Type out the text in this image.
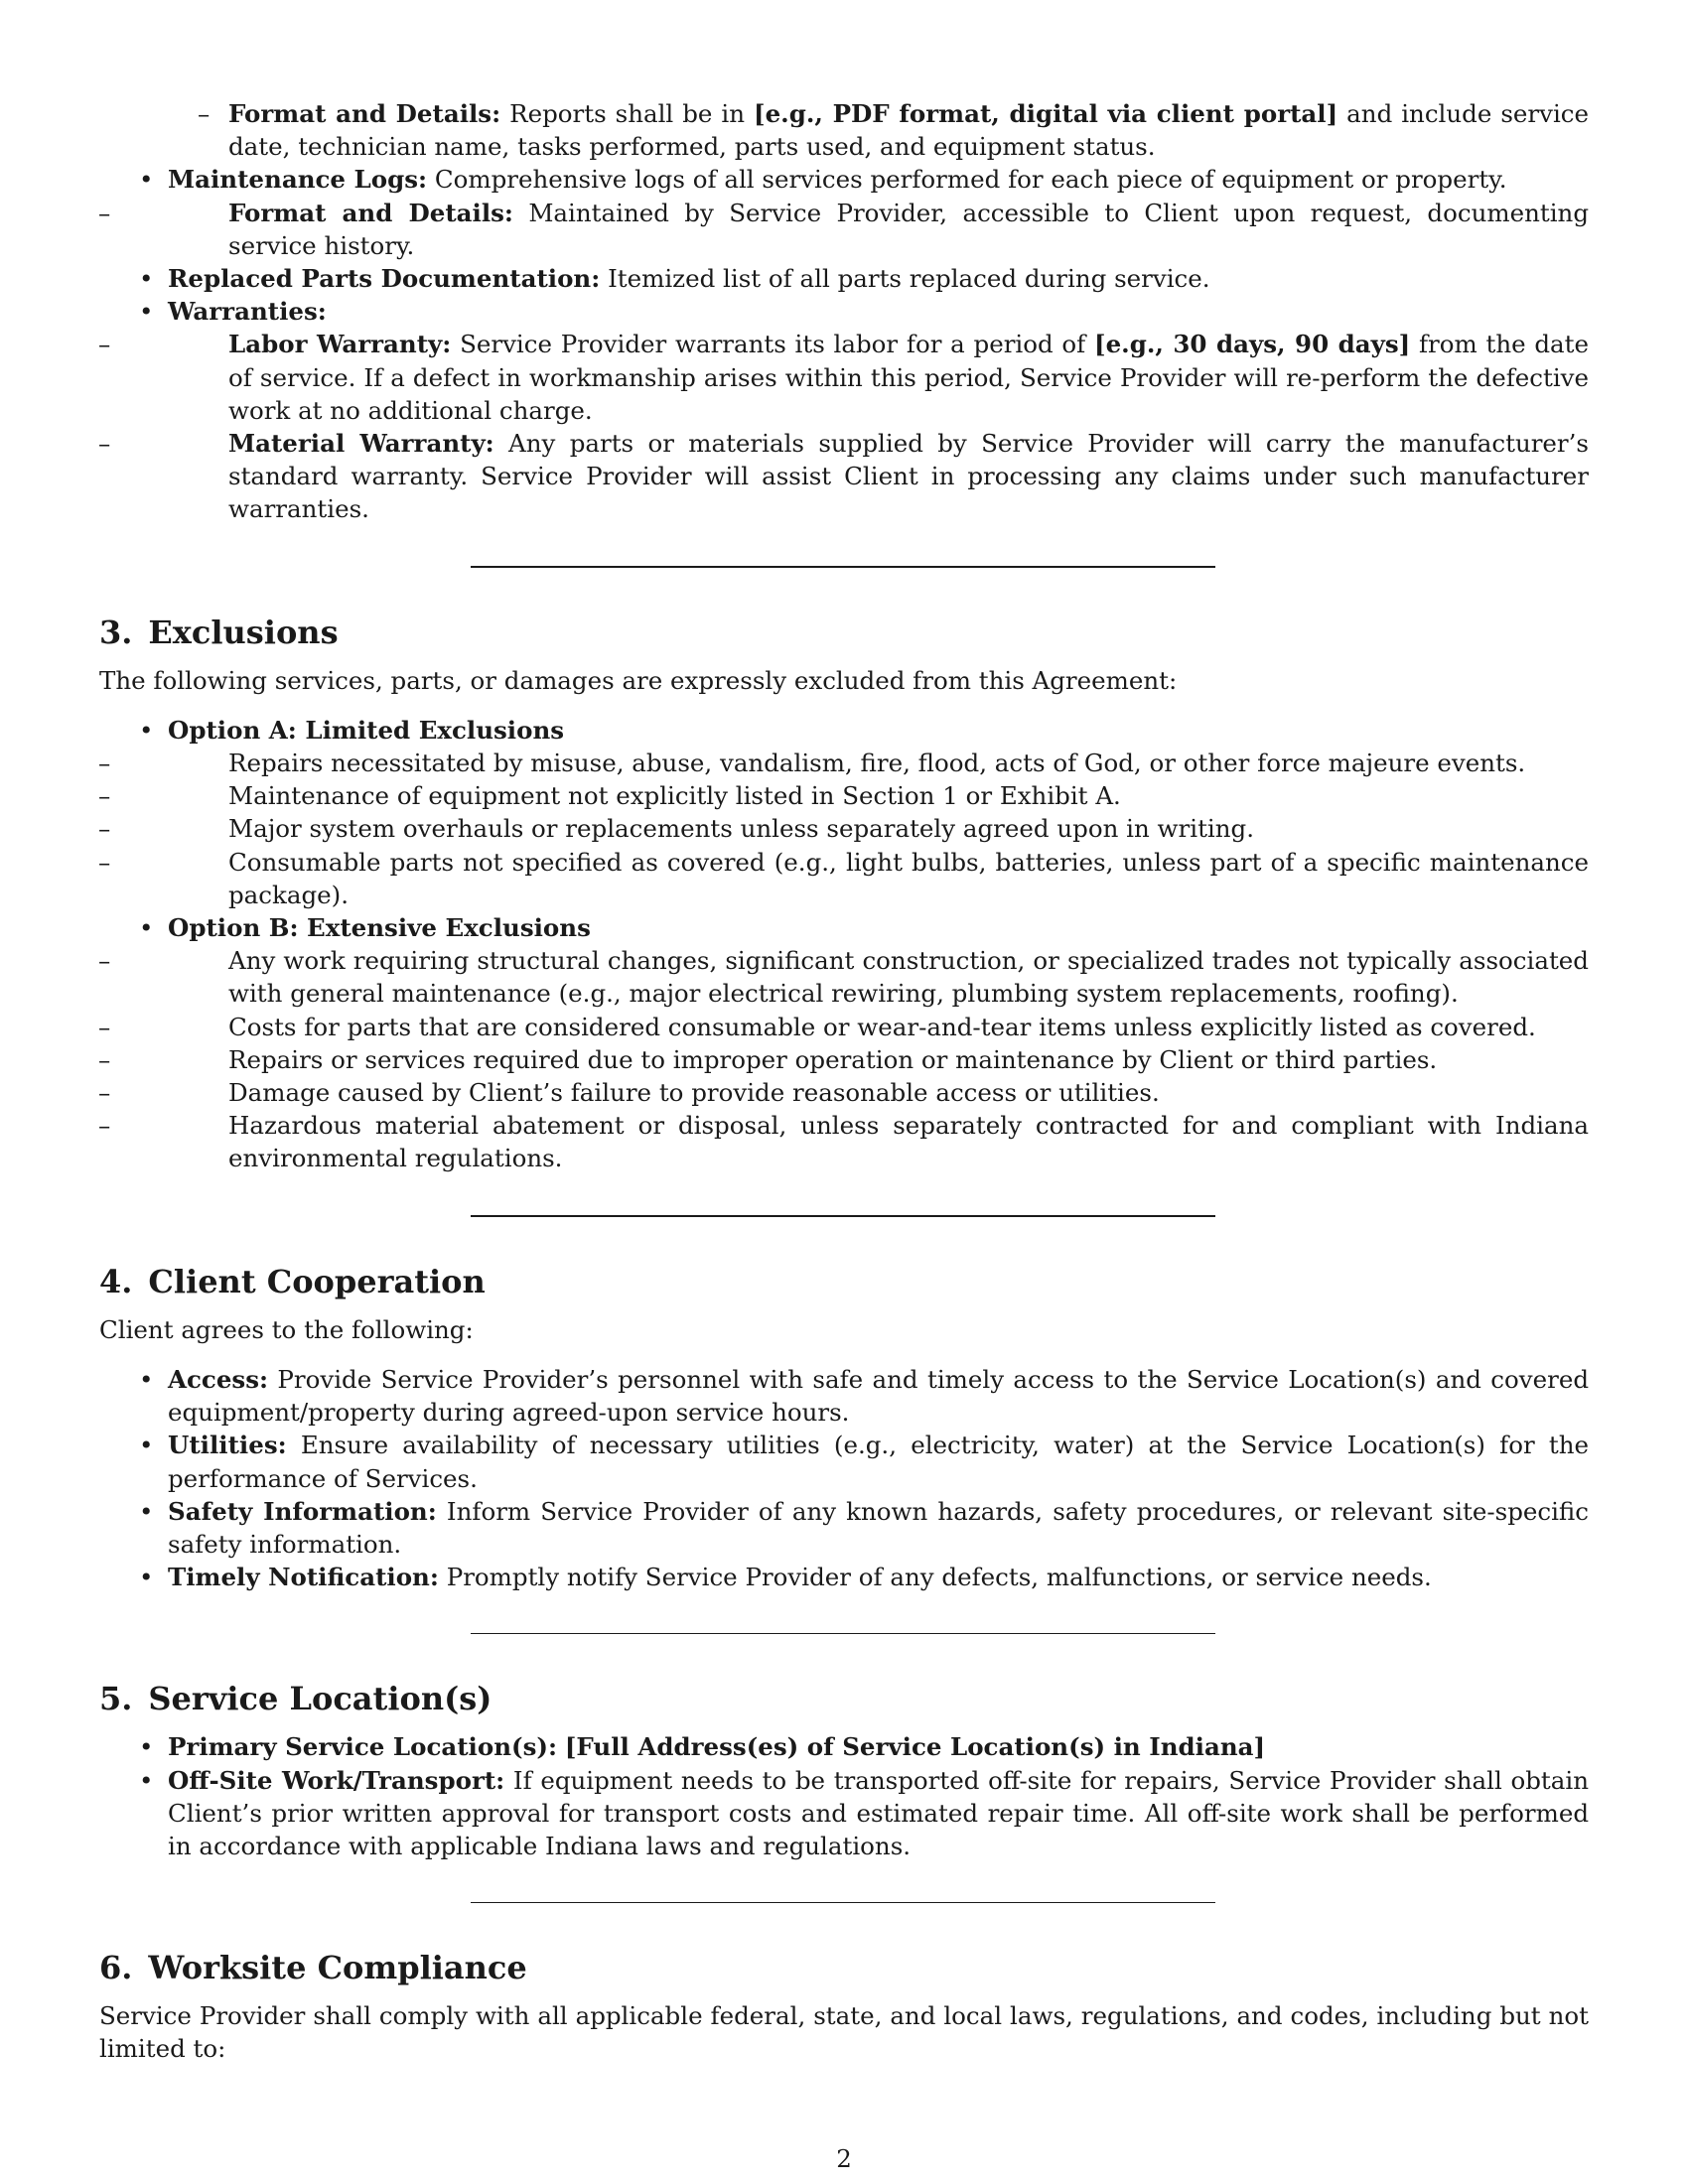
– Format and Details: Reports shall be in [e.g., PDF format, digital via client portal] and include service date, technician name, tasks performed, parts used, and equipment status.
• Maintenance Logs: Comprehensive logs of all services performed for each piece of equipment or property.
– Format and Details: Maintained by Service Provider, accessible to Client upon request, documenting service history.
• Replaced Parts Documentation: Itemized list of all parts replaced during service.
• Warranties:
– Labor Warranty: Service Provider warrants its labor for a period of [e.g., 30 days, 90 days] from the date of service. If a defect in workmanship arises within this period, Service Provider will re-perform the defective work at no additional charge.
– Material Warranty: Any parts or materials supplied by Service Provider will carry the manufacturer’s standard warranty. Service Provider will assist Client in processing any claims under such manufacturer warranties.
3. Exclusions

The following services, parts, or damages are expressly excluded from this Agreement:

• Option A: Limited Exclusions
– Repairs necessitated by misuse, abuse, vandalism, fire, flood, acts of God, or other force majeure events.
– Maintenance of equipment not explicitly listed in Section 1 or Exhibit A.
– Major system overhauls or replacements unless separately agreed upon in writing.
– Consumable parts not specified as covered (e.g., light bulbs, batteries, unless part of a specific maintenance package).
• Option B: Extensive Exclusions
– Any work requiring structural changes, significant construction, or specialized trades not typically associated with general maintenance (e.g., major electrical rewiring, plumbing system replacements, roofing).
– Costs for parts that are considered consumable or wear-and-tear items unless explicitly listed as covered.
– Repairs or services required due to improper operation or maintenance by Client or third parties.
– Damage caused by Client’s failure to provide reasonable access or utilities.
– Hazardous material abatement or disposal, unless separately contracted for and compliant with Indiana environmental regulations.
4. Client Cooperation

Client agrees to the following:

• Access: Provide Service Provider’s personnel with safe and timely access to the Service Location(s) and covered equipment/property during agreed-upon service hours.
• Utilities: Ensure availability of necessary utilities (e.g., electricity, water) at the Service Location(s) for the performance of Services.
• Safety Information: Inform Service Provider of any known hazards, safety procedures, or relevant site-specific safety information.
• Timely Notification: Promptly notify Service Provider of any defects, malfunctions, or service needs.
5. Service Location(s)
• Primary Service Location(s): [Full Address(es) of Service Location(s) in Indiana]
• Off-Site Work/Transport: If equipment needs to be transported off-site for repairs, Service Provider shall obtain Client’s prior written approval for transport costs and estimated repair time. All off-site work shall be performed in accordance with applicable Indiana laws and regulations.
6. Worksite Compliance

Service Provider shall comply with all applicable federal, state, and local laws, regulations, and codes, including but not limited to:

2
